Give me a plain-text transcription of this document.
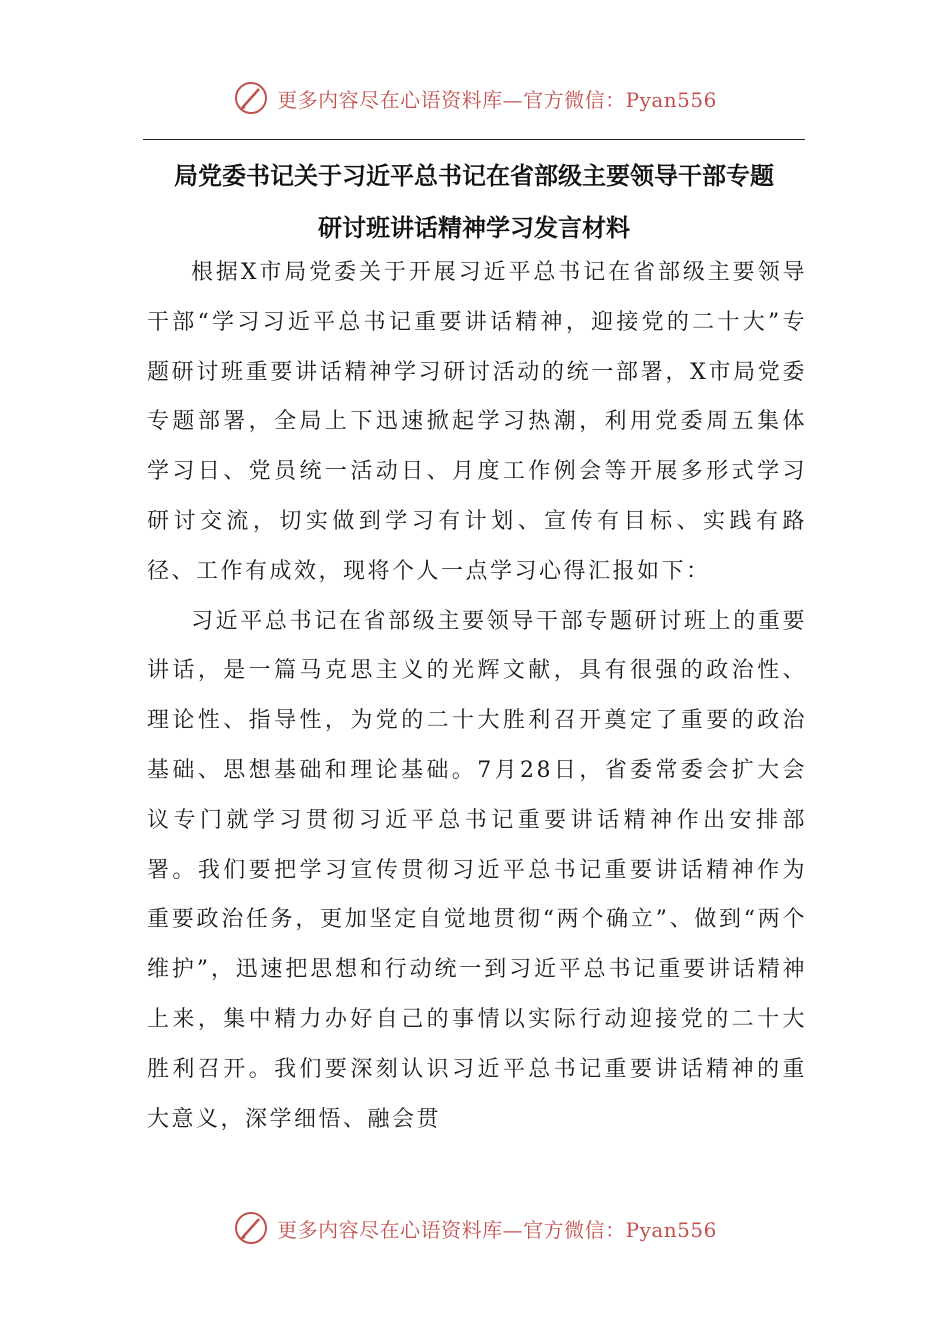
更多内容尽在心语资料库—官方微信：Pyan556
局党委书记关于习近平总书记在省部级主要领导干部专题
研讨班讲话精神学习发言材料

根据X市局党委关于开展习近平总书记在省部级主要领导干部“学习习近平总书记重要讲话精神，迎接党的二十大”专题研讨班重要讲话精神学习研讨活动的统一部署，X市局党委专题部署，全局上下迅速掀起学习热潮，利用党委周五集体学习日、党员统一活动日、月度工作例会等开展多形式学习研讨交流，切实做到学习有计划、宣传有目标、实践有路径、工作有成效，现将个人一点学习心得汇报如下：

习近平总书记在省部级主要领导干部专题研讨班上的重要讲话，是一篇马克思主义的光辉文献，具有很强的政治性、理论性、指导性，为党的二十大胜利召开奠定了重要的政治基础、思想基础和理论基础。7月28日，省委常委会扩大会议专门就学习贯彻习近平总书记重要讲话精神作出安排部署。我们要把学习宣传贯彻习近平总书记重要讲话精神作为重要政治任务，更加坚定自觉地贯彻“两个确立”、做到“两个维护”，迅速把思想和行动统一到习近平总书记重要讲话精神上来，集中精力办好自己的事情以实际行动迎接党的二十大胜利召开。我们要深刻认识习近平总书记重要讲话精神的重大意义，深学细悟、融会贯

更多内容尽在心语资料库—官方微信：Pyan556
